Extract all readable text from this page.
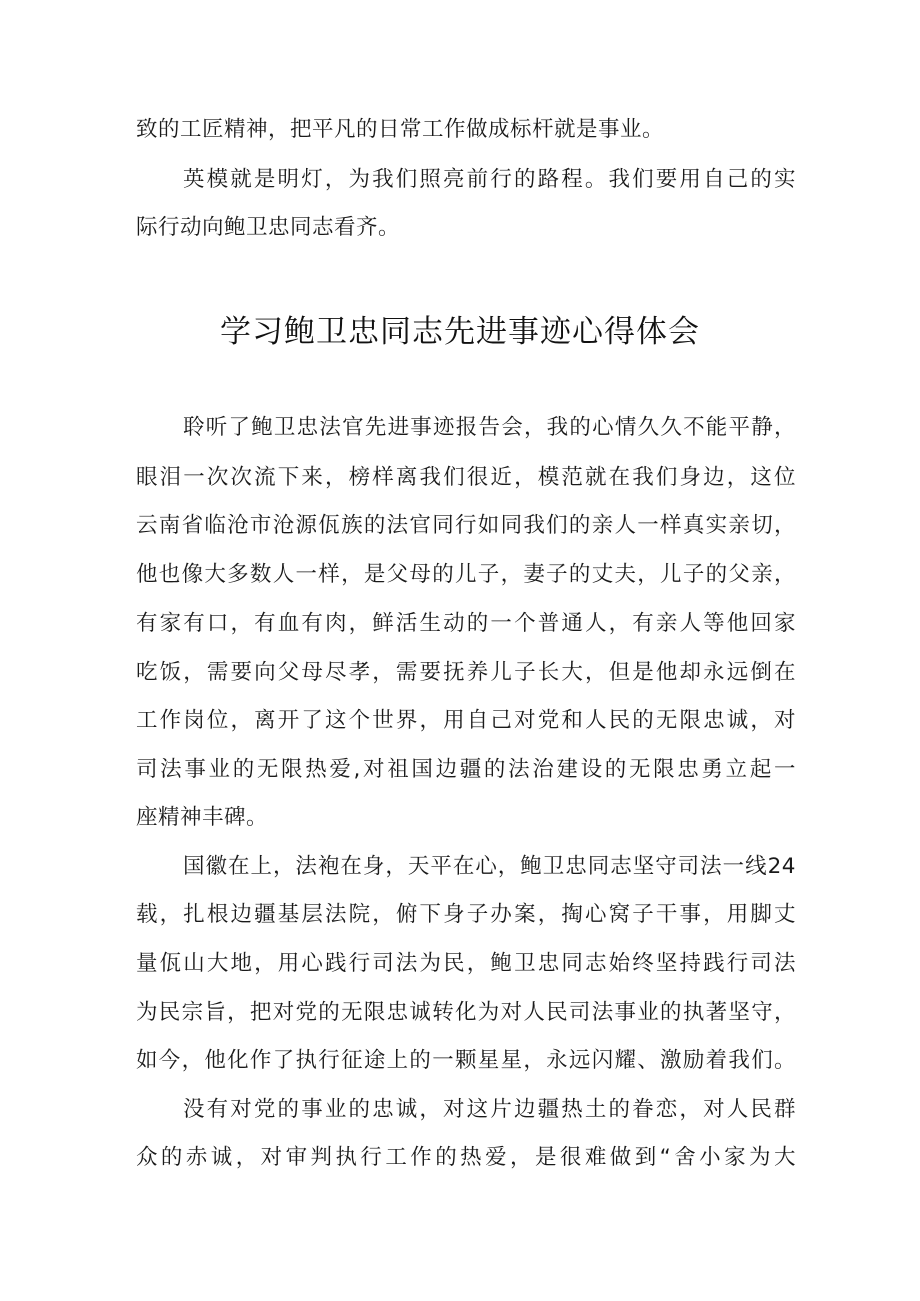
致的工匠精神，把平凡的日常工作做成标杆就是事业。
英模就是明灯，为我们照亮前行的路程。我们要用自己的实
际行动向鲍卫忠同志看齐。
学习鲍卫忠同志先进事迹心得体会
聆听了鲍卫忠法官先进事迹报告会，我的心情久久不能平静，
眼泪一次次流下来，榜样离我们很近，模范就在我们身边，这位
云南省临沧市沧源佤族的法官同行如同我们的亲人一样真实亲切，
他也像大多数人一样，是父母的儿子，妻子的丈夫，儿子的父亲，
有家有口，有血有肉，鲜活生动的一个普通人，有亲人等他回家
吃饭，需要向父母尽孝，需要抚养儿子长大，但是他却永远倒在
工作岗位，离开了这个世界，用自己对党和人民的无限忠诚，对
司法事业的无限热爱,对祖国边疆的法治建设的无限忠勇立起一
座精神丰碑。
国徽在上，法袍在身，天平在心，鲍卫忠同志坚守司法一线24
载，扎根边疆基层法院，俯下身子办案，掏心窝子干事，用脚丈
量佤山大地，用心践行司法为民，鲍卫忠同志始终坚持践行司法
为民宗旨，把对党的无限忠诚转化为对人民司法事业的执著坚守，
如今，他化作了执行征途上的一颗星星，永远闪耀、激励着我们。
没有对党的事业的忠诚，对这片边疆热土的眷恋，对人民群
众的赤诚，对审判执行工作的热爱，是很难做到“舍小家为大
